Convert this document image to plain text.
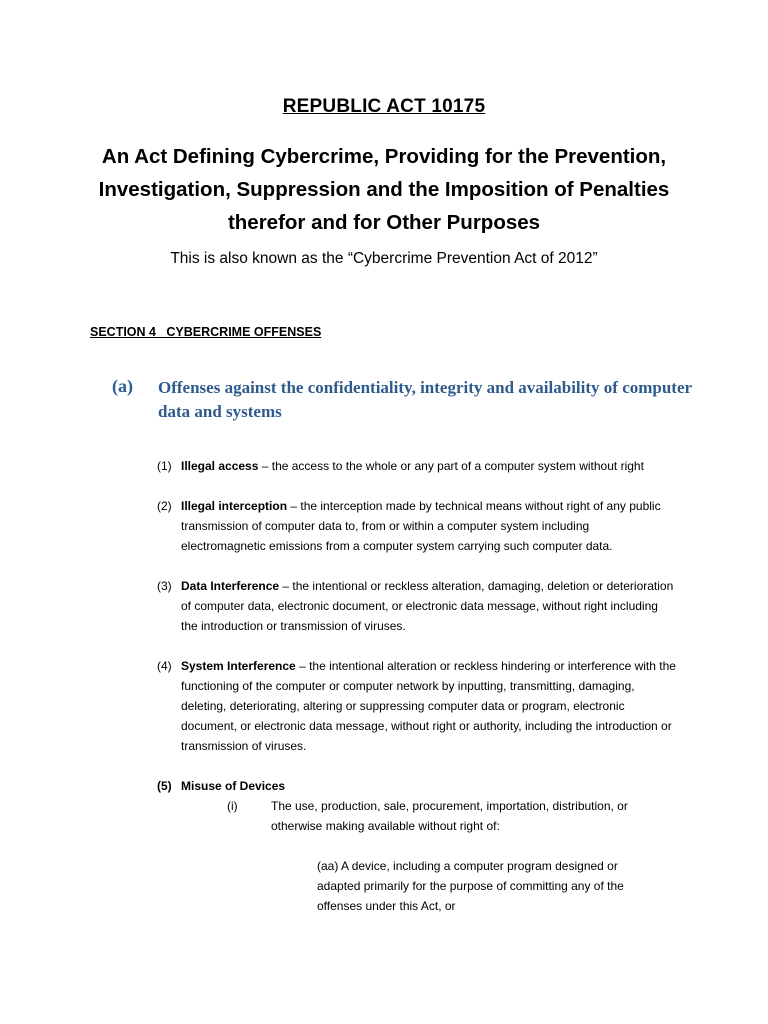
REPUBLIC ACT 10175
An Act Defining Cybercrime, Providing for the Prevention, Investigation, Suppression and the Imposition of Penalties therefor and for Other Purposes
This is also known as the “Cybercrime Prevention Act of 2012”
SECTION 4   CYBERCRIME OFFENSES
(a) Offenses against the confidentiality, integrity and availability of computer data and systems
(1) Illegal access – the access to the whole or any part of a computer system without right
(2) Illegal interception – the interception made by technical means without right of any public transmission of computer data to, from or within a computer system including electromagnetic emissions from a computer system carrying such computer data.
(3) Data Interference – the intentional or reckless alteration, damaging, deletion or deterioration of computer data, electronic document, or electronic data message, without right including the introduction or transmission of viruses.
(4) System Interference – the intentional alteration or reckless hindering or interference with the functioning of the computer or computer network by inputting, transmitting, damaging, deleting, deteriorating, altering or suppressing computer data or program, electronic document, or electronic data message, without right or authority, including the introduction or transmission of viruses.
(5) Misuse of Devices
(i)	The use, production, sale, procurement, importation, distribution, or otherwise making available without right of:
(aa) A device, including a computer program designed or adapted primarily for the purpose of committing any of the offenses under this Act, or
